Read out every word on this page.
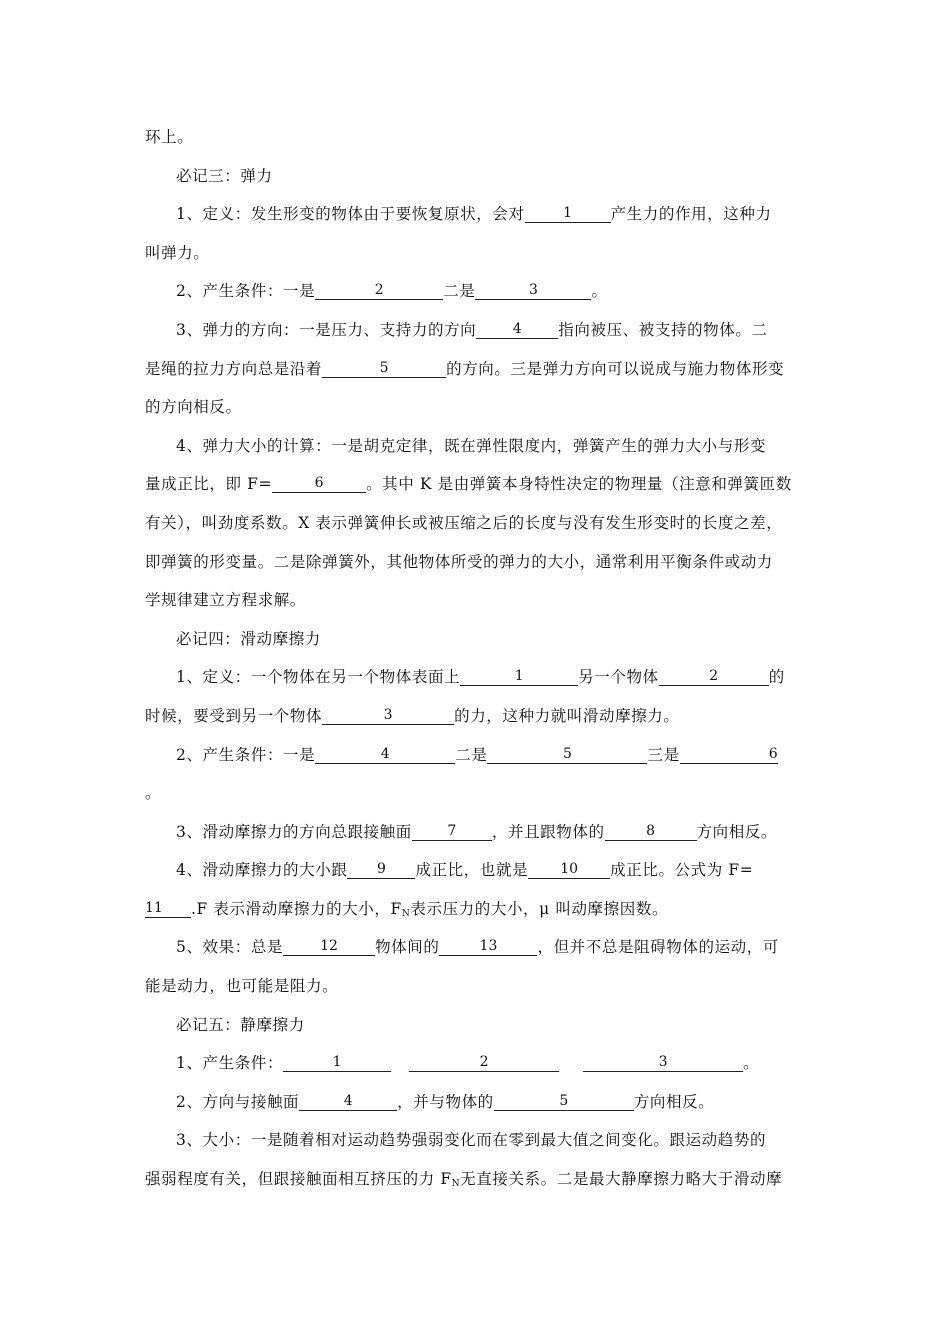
环上。
必记三：弹力
1、定义：发生形变的物体由于要恢复原状，会对	1 产生力的作用，这种力
叫弹力。
2、产生条件：一是	2	二是	3	。
3、弹力的方向：一是压力、支持力的方向	4 指向被压、被支持的物体。二
是绳的拉力方向总是沿着	5	的方向。三是弹力方向可以说成与施力物体形变
的方向相反。
4、弹力大小的计算：一是胡克定律，既在弹性限度内，弹簧产生的弹力大小与形变
量成正比，即 F=	6	。其中 K 是由弹簧本身特性决定的物理量（注意和弹簧匝数
有关），叫劲度系数。X 表示弹簧伸长或被压缩之后的长度与没有发生形变时的长度之差，
即弹簧的形变量。二是除弹簧外，其他物体所受的弹力的大小，通常利用平衡条件或动力
学规律建立方程求解。
必记四：滑动摩擦力
1、定义：一个物体在另一个物体表面上	1	另一个物体	2	的
时候，要受到另一个物体	3	的力，这种力就叫滑动摩擦力。
2、产生条件：一是	4	二是	5	三是	6
。
3、滑动摩擦力的方向总跟接触面	7 ，并且跟物体的	8	方向相反。
4、滑动摩擦力的大小跟 9 成正比，也就是 10 成正比。公式为 F=
11 .F 表示滑动摩擦力的大小，$F_N$表示压力的大小，μ 叫动摩擦因数。
5、效果：总是	12 物体间的	13	，但并不总是阻碍物体的运动，可
能是动力，也可能是阻力。
必记五：静摩擦力
1、产生条件：	1	2	3	。
2、方向与接触面	4	，并与物体的	5	方向相反。
3、大小：一是随着相对运动趋势强弱变化而在零到最大值之间变化。跟运动趋势的
强弱程度有关，但跟接触面相互挤压的力 $F_N$无直接关系。二是最大静摩擦力略大于滑动摩
